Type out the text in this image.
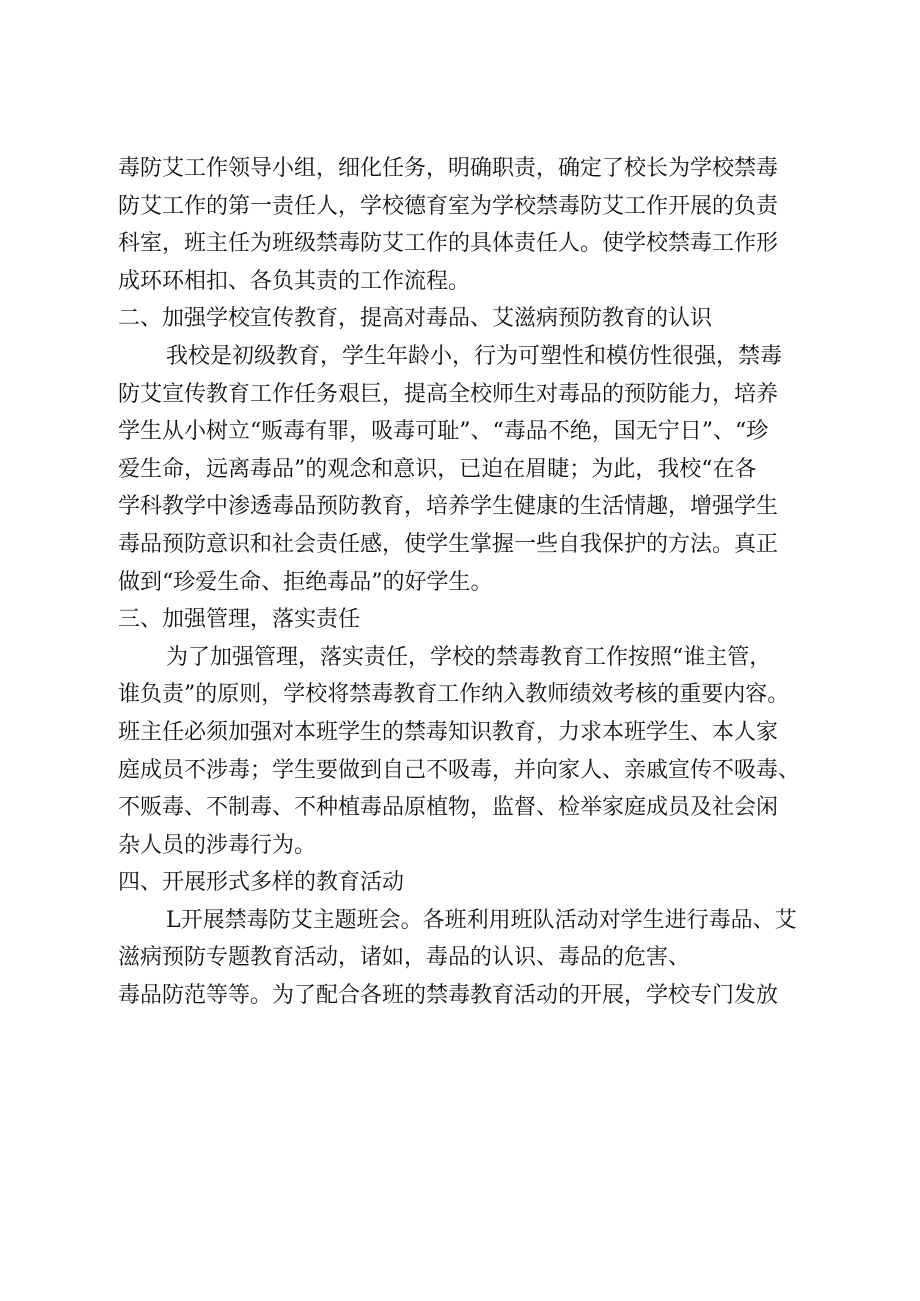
毒防艾工作领导小组，细化任务，明确职责，确定了校长为学校禁毒
防艾工作的第一责任人，学校德育室为学校禁毒防艾工作开展的负责
科室，班主任为班级禁毒防艾工作的具体责任人。使学校禁毒工作形
成环环相扣、各负其责的工作流程。

二、加强学校宣传教育，提高对毒品、艾滋病预防教育的认识

我校是初级教育，学生年龄小，行为可塑性和模仿性很强，禁毒
防艾宣传教育工作任务艰巨，提高全校师生对毒品的预防能力，培养
学生从小树立“贩毒有罪，吸毒可耻”、“毒品不绝，国无宁日”、“珍
爱生命，远离毒品”的观念和意识，已迫在眉睫；为此，我校“在各
学科教学中渗透毒品预防教育，培养学生健康的生活情趣，增强学生
毒品预防意识和社会责任感，使学生掌握一些自我保护的方法。真正
做到“珍爱生命、拒绝毒品”的好学生。

三、加强管理，落实责任

为了加强管理，落实责任，学校的禁毒教育工作按照“谁主管，
谁负责”的原则，学校将禁毒教育工作纳入教师绩效考核的重要内容。
班主任必须加强对本班学生的禁毒知识教育，力求本班学生、本人家
庭成员不涉毒；学生要做到自己不吸毒，并向家人、亲戚宣传不吸毒、
不贩毒、不制毒、不种植毒品原植物，监督、检举家庭成员及社会闲
杂人员的涉毒行为。

四、开展形式多样的教育活动

L开展禁毒防艾主题班会。各班利用班队活动对学生进行毒品、艾
滋病预防专题教育活动，诸如，毒品的认识、毒品的危害、
毒品防范等等。为了配合各班的禁毒教育活动的开展，学校专门发放
